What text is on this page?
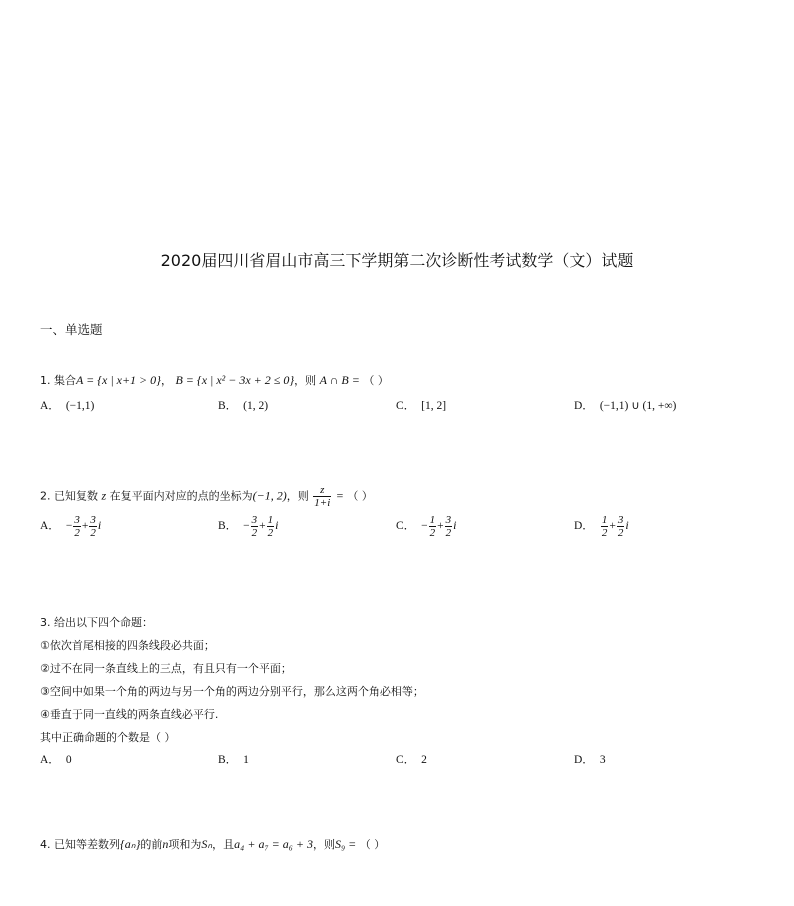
2020届四川省眉山市高三下学期第二次诊断性考试数学（文）试题
一、单选题
1. 集合A = {x | x+1 > 0}， B = {x | x² − 3x + 2 ≤ 0}，则 A ∩ B = （ ）
A． (−1,1)	B． (1, 2)	C． [1, 2]	D． (−1,1) ∪ (1, +∞)
2. 已知复数 z 在复平面内对应的点的坐标为(−1, 2)，则 $\frac{z}{1+i}$ = （ ）
A． − $\frac{3}{2} + \frac{3}{2}$ i	B． − $\frac{3}{2} + \frac{1}{2}$ i	C． − $\frac{1}{2} + \frac{3}{2}$ i	D． $\frac{1}{2} + \frac{3}{2}$ i
3. 给出以下四个命题：
①依次首尾相接的四条线段必共面；
②过不在同一条直线上的三点，有且只有一个平面；
③空间中如果一个角的两边与另一个角的两边分别平行，那么这两个角必相等；
④垂直于同一直线的两条直线必平行.
其中正确命题的个数是（ ）
A． 0	B． 1	C． 2	D． 3
4. 已知等差数列{aₙ}的前n项和为Sₙ，且a₄ + a₇ = a₆ + 3，则S₉ = （ ）
